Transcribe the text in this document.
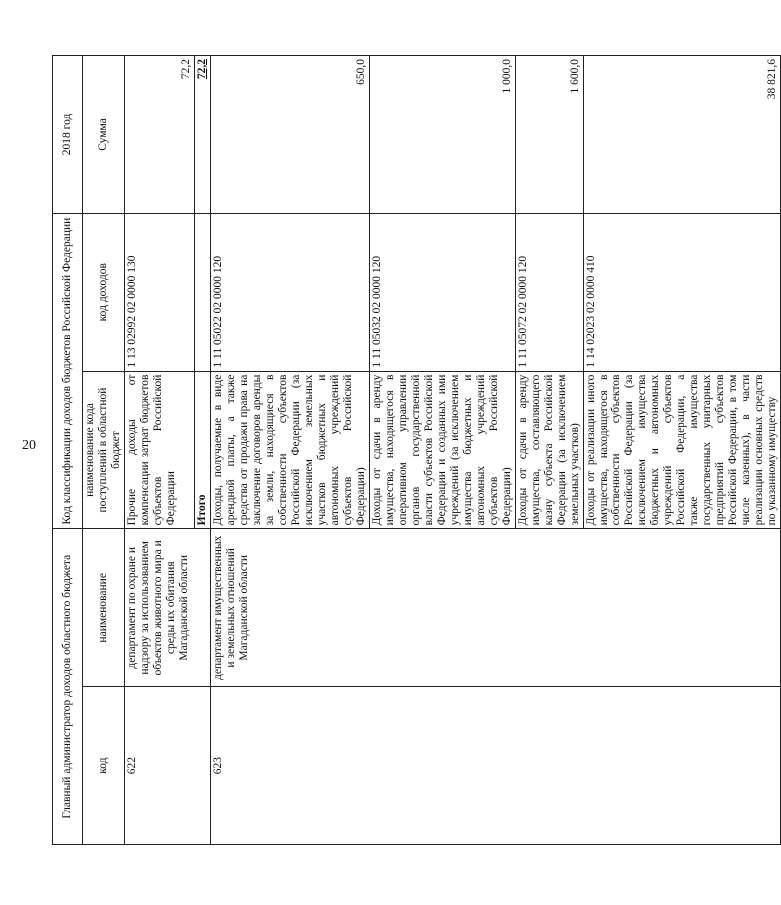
20
Главный администратор доходов областного бюджета		Код классификации доходов бюджетов Российской Федерации		2018 год
код	наименование	наименование кода поступлений в областной бюджет	код доходов	Сумма
622	департамент по охране и надзору за использованием объектов животного мира и среды их обитания Магаданской области	Прочие доходы от компенсации затрат бюджетов субъектов Российской Федерации	1 13 02992 02 0000 130	72,2
		Итого		72,2
623	департамент имущественных и земельных отношений Магаданской области	Доходы, получаемые в виде арендной платы, а также средства от продажи права на заключение договоров аренды за земли, находящиеся в собственности субъектов Российской Федерации (за исключением земельных участков бюджетных и автономных учреждений субъектов Российской Федерации)	1 11 05022 02 0000 120	650,0
		Доходы от сдачи в аренду имущества, находящегося в оперативном управлении органов государственной власти субъектов Российской Федерации и созданных ими учреждений (за исключением имущества бюджетных и автономных учреждений субъектов Российской Федерации)	1 11 05032 02 0000 120	1 000,0
		Доходы от сдачи в аренду имущества, составляющего казну субъекта Российской Федерации (за исключением земельных участков)	1 11 05072 02 0000 120	1 600,0
		Доходы от реализации иного имущества, находящегося в собственности субъектов Российской Федерации (за исключением имущества бюджетных и автономных учреждений субъектов Российской Федерации, а также имущества государственных унитарных предприятий субъектов Российской Федерации, в том числе казенных), в части реализации основных средств по указанному имуществу	1 14 02023 02 0000 410	38 821,6
